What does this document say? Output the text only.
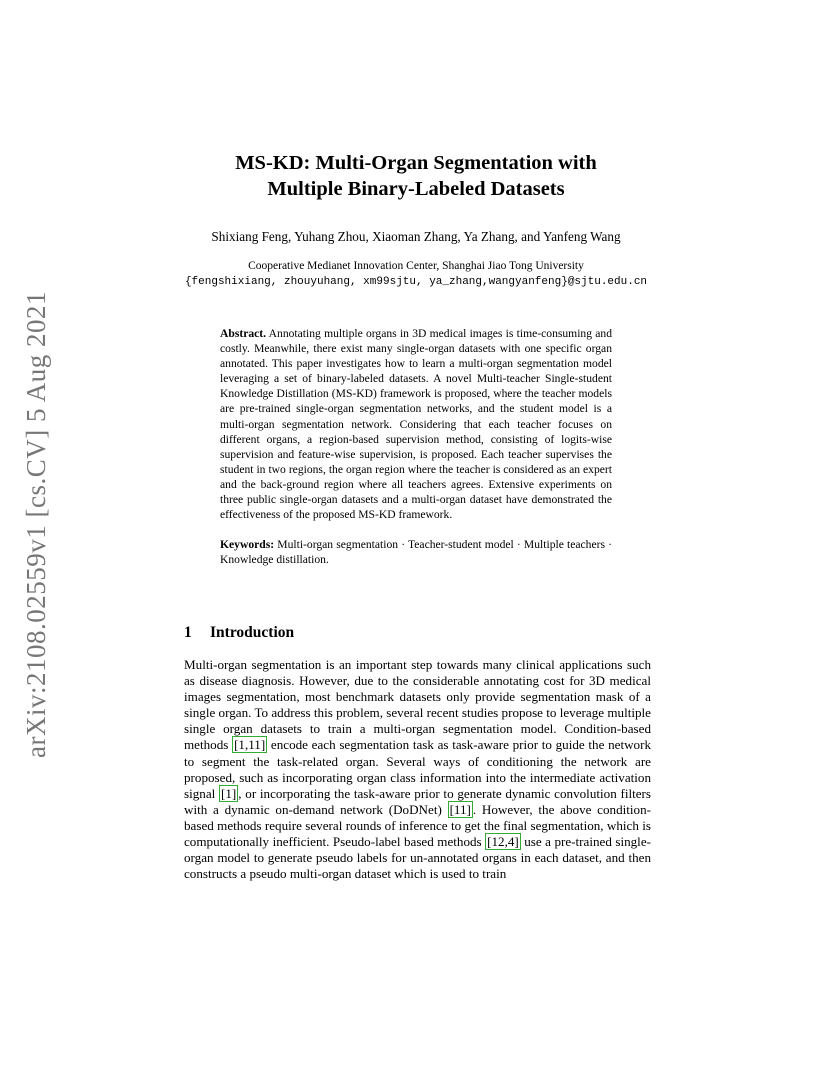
arXiv:2108.02559v1 [cs.CV] 5 Aug 2021
MS-KD: Multi-Organ Segmentation with
Multiple Binary-Labeled Datasets
Shixiang Feng, Yuhang Zhou, Xiaoman Zhang, Ya Zhang, and Yanfeng Wang
Cooperative Medianet Innovation Center, Shanghai Jiao Tong University
{fengshixiang, zhouyuhang, xm99sjtu, ya_zhang,wangyanfeng}@sjtu.edu.cn

Abstract. Annotating multiple organs in 3D medical images is time-consuming and costly. Meanwhile, there exist many single-organ datasets with one specific organ annotated. This paper investigates how to learn a multi-organ segmentation model leveraging a set of binary-labeled datasets. A novel Multi-teacher Single-student Knowledge Distillation (MS-KD) framework is proposed, where the teacher models are pre-trained single-organ segmentation networks, and the student model is a multi-organ segmentation network. Considering that each teacher focuses on different organs, a region-based supervision method, consisting of logits-wise supervision and feature-wise supervision, is proposed. Each teacher supervises the student in two regions, the organ region where the teacher is considered as an expert and the back-ground region where all teachers agrees. Extensive experiments on three public single-organ datasets and a multi-organ dataset have demonstrated the effectiveness of the proposed MS-KD framework.

Keywords: Multi-organ segmentation · Teacher-student model · Multiple teachers · Knowledge distillation.

1 Introduction

Multi-organ segmentation is an important step towards many clinical applications such as disease diagnosis. However, due to the considerable annotating cost for 3D medical images segmentation, most benchmark datasets only provide segmentation mask of a single organ. To address this problem, several recent studies propose to leverage multiple single organ datasets to train a multi-organ segmentation model. Condition-based methods [1,11] encode each segmentation task as task-aware prior to guide the network to segment the task-related organ. Several ways of conditioning the network are proposed, such as incorporating organ class information into the intermediate activation signal [1] , or incorporating the task-aware prior to generate dynamic convolution filters with a dynamic on-demand network (DoDNet) [11] . However, the above condition-based methods require several rounds of inference to get the final segmentation, which is computationally inefficient. Pseudo-label based methods [12,4] use a pre-trained single-organ model to generate pseudo labels for un-annotated organs in each dataset, and then constructs a pseudo multi-organ dataset which is used to train
